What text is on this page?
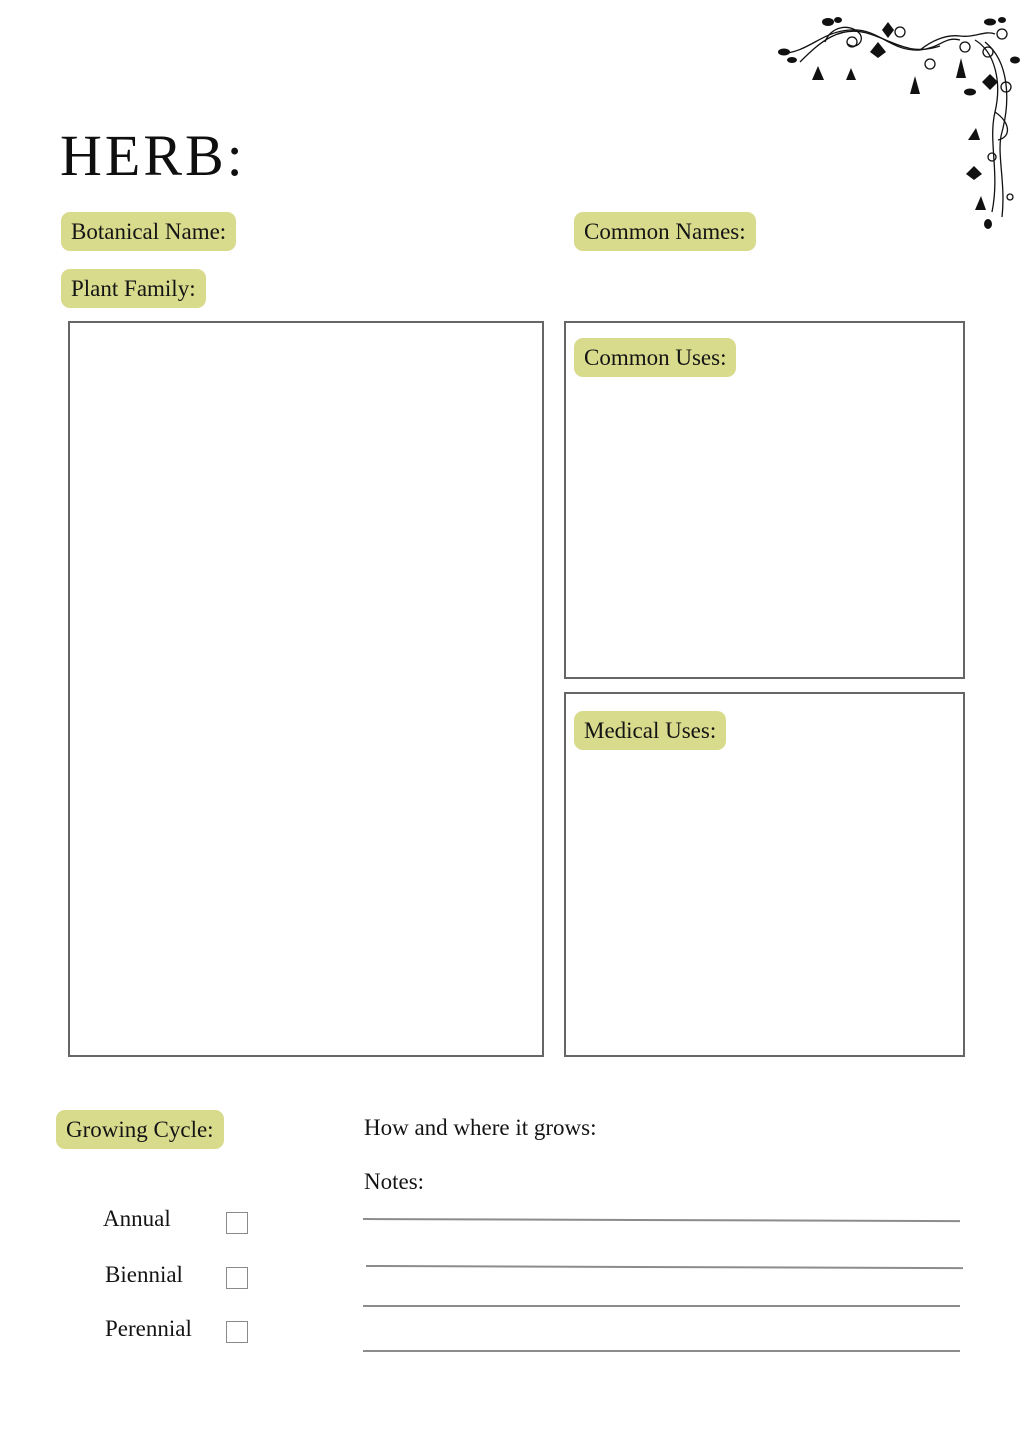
HERB:
Botanical Name:	Common Names:
Plant Family:
Common Uses:
Medical Uses:
Growing Cycle:
Annual
Biennial
Perennial
How and where it grows:
Notes:
